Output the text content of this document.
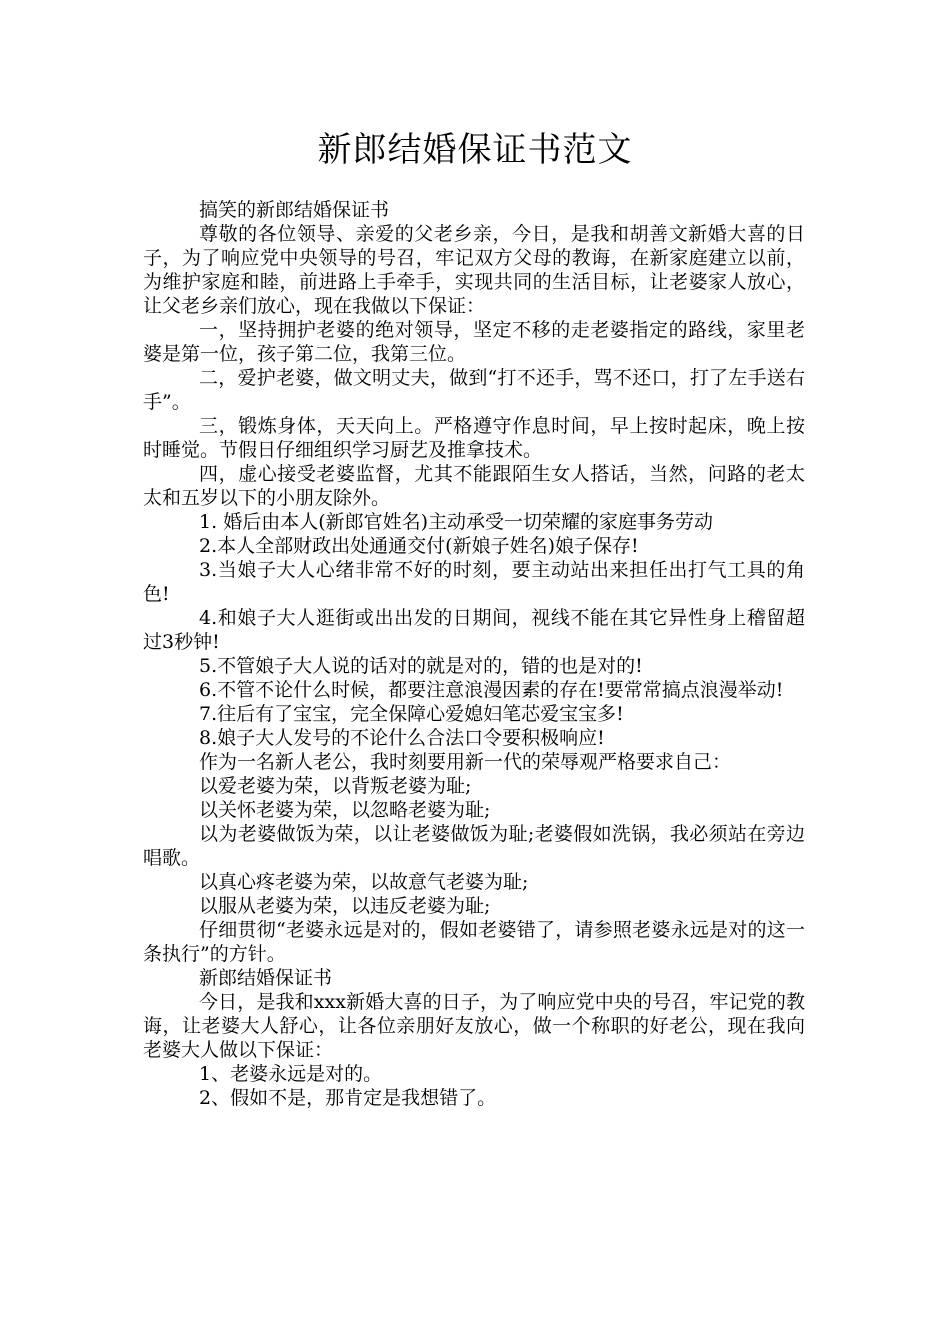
新郎结婚保证书范文

搞笑的新郎结婚保证书

尊敬的各位领导、亲爱的父老乡亲，今日，是我和胡善文新婚大喜的日子，为了响应党中央领导的号召，牢记双方父母的教诲，在新家庭建立以前，为维护家庭和睦，前进路上手牵手，实现共同的生活目标，让老婆家人放心，让父老乡亲们放心，现在我做以下保证：

一，坚持拥护老婆的绝对领导，坚定不移的走老婆指定的路线，家里老婆是第一位，孩子第二位，我第三位。

二，爱护老婆，做文明丈夫，做到“打不还手，骂不还口，打了左手送右手”。

三，锻炼身体，天天向上。严格遵守作息时间，早上按时起床，晚上按时睡觉。节假日仔细组织学习厨艺及推拿技术。

四，虚心接受老婆监督，尤其不能跟陌生女人搭话，当然，问路的老太太和五岁以下的小朋友除外。

1. 婚后由本人(新郎官姓名)主动承受一切荣耀的家庭事务劳动

2.本人全部财政出处通通交付(新娘子姓名)娘子保存!

3.当娘子大人心绪非常不好的时刻，要主动站出来担任出打气工具的角色!

4.和娘子大人逛街或出出发的日期间，视线不能在其它异性身上稽留超过3秒钟!

5.不管娘子大人说的话对的就是对的，错的也是对的!

6.不管不论什么时候，都要注意浪漫因素的存在!要常常搞点浪漫举动!

7.往后有了宝宝，完全保障心爱媳妇笔芯爱宝宝多!

8.娘子大人发号的不论什么合法口令要积极响应!

作为一名新人老公，我时刻要用新一代的荣辱观严格要求自己：

以爱老婆为荣，以背叛老婆为耻;

以关怀老婆为荣，以忽略老婆为耻;

以为老婆做饭为荣，以让老婆做饭为耻;老婆假如洗锅，我必须站在旁边唱歌。

以真心疼老婆为荣，以故意气老婆为耻;

以服从老婆为荣，以违反老婆为耻;

仔细贯彻“老婆永远是对的，假如老婆错了，请参照老婆永远是对的这一条执行”的方针。

新郎结婚保证书

今日，是我和xxx新婚大喜的日子，为了响应党中央的号召，牢记党的教诲，让老婆大人舒心，让各位亲朋好友放心，做一个称职的好老公，现在我向老婆大人做以下保证：

1、老婆永远是对的。

2、假如不是，那肯定是我想错了。
